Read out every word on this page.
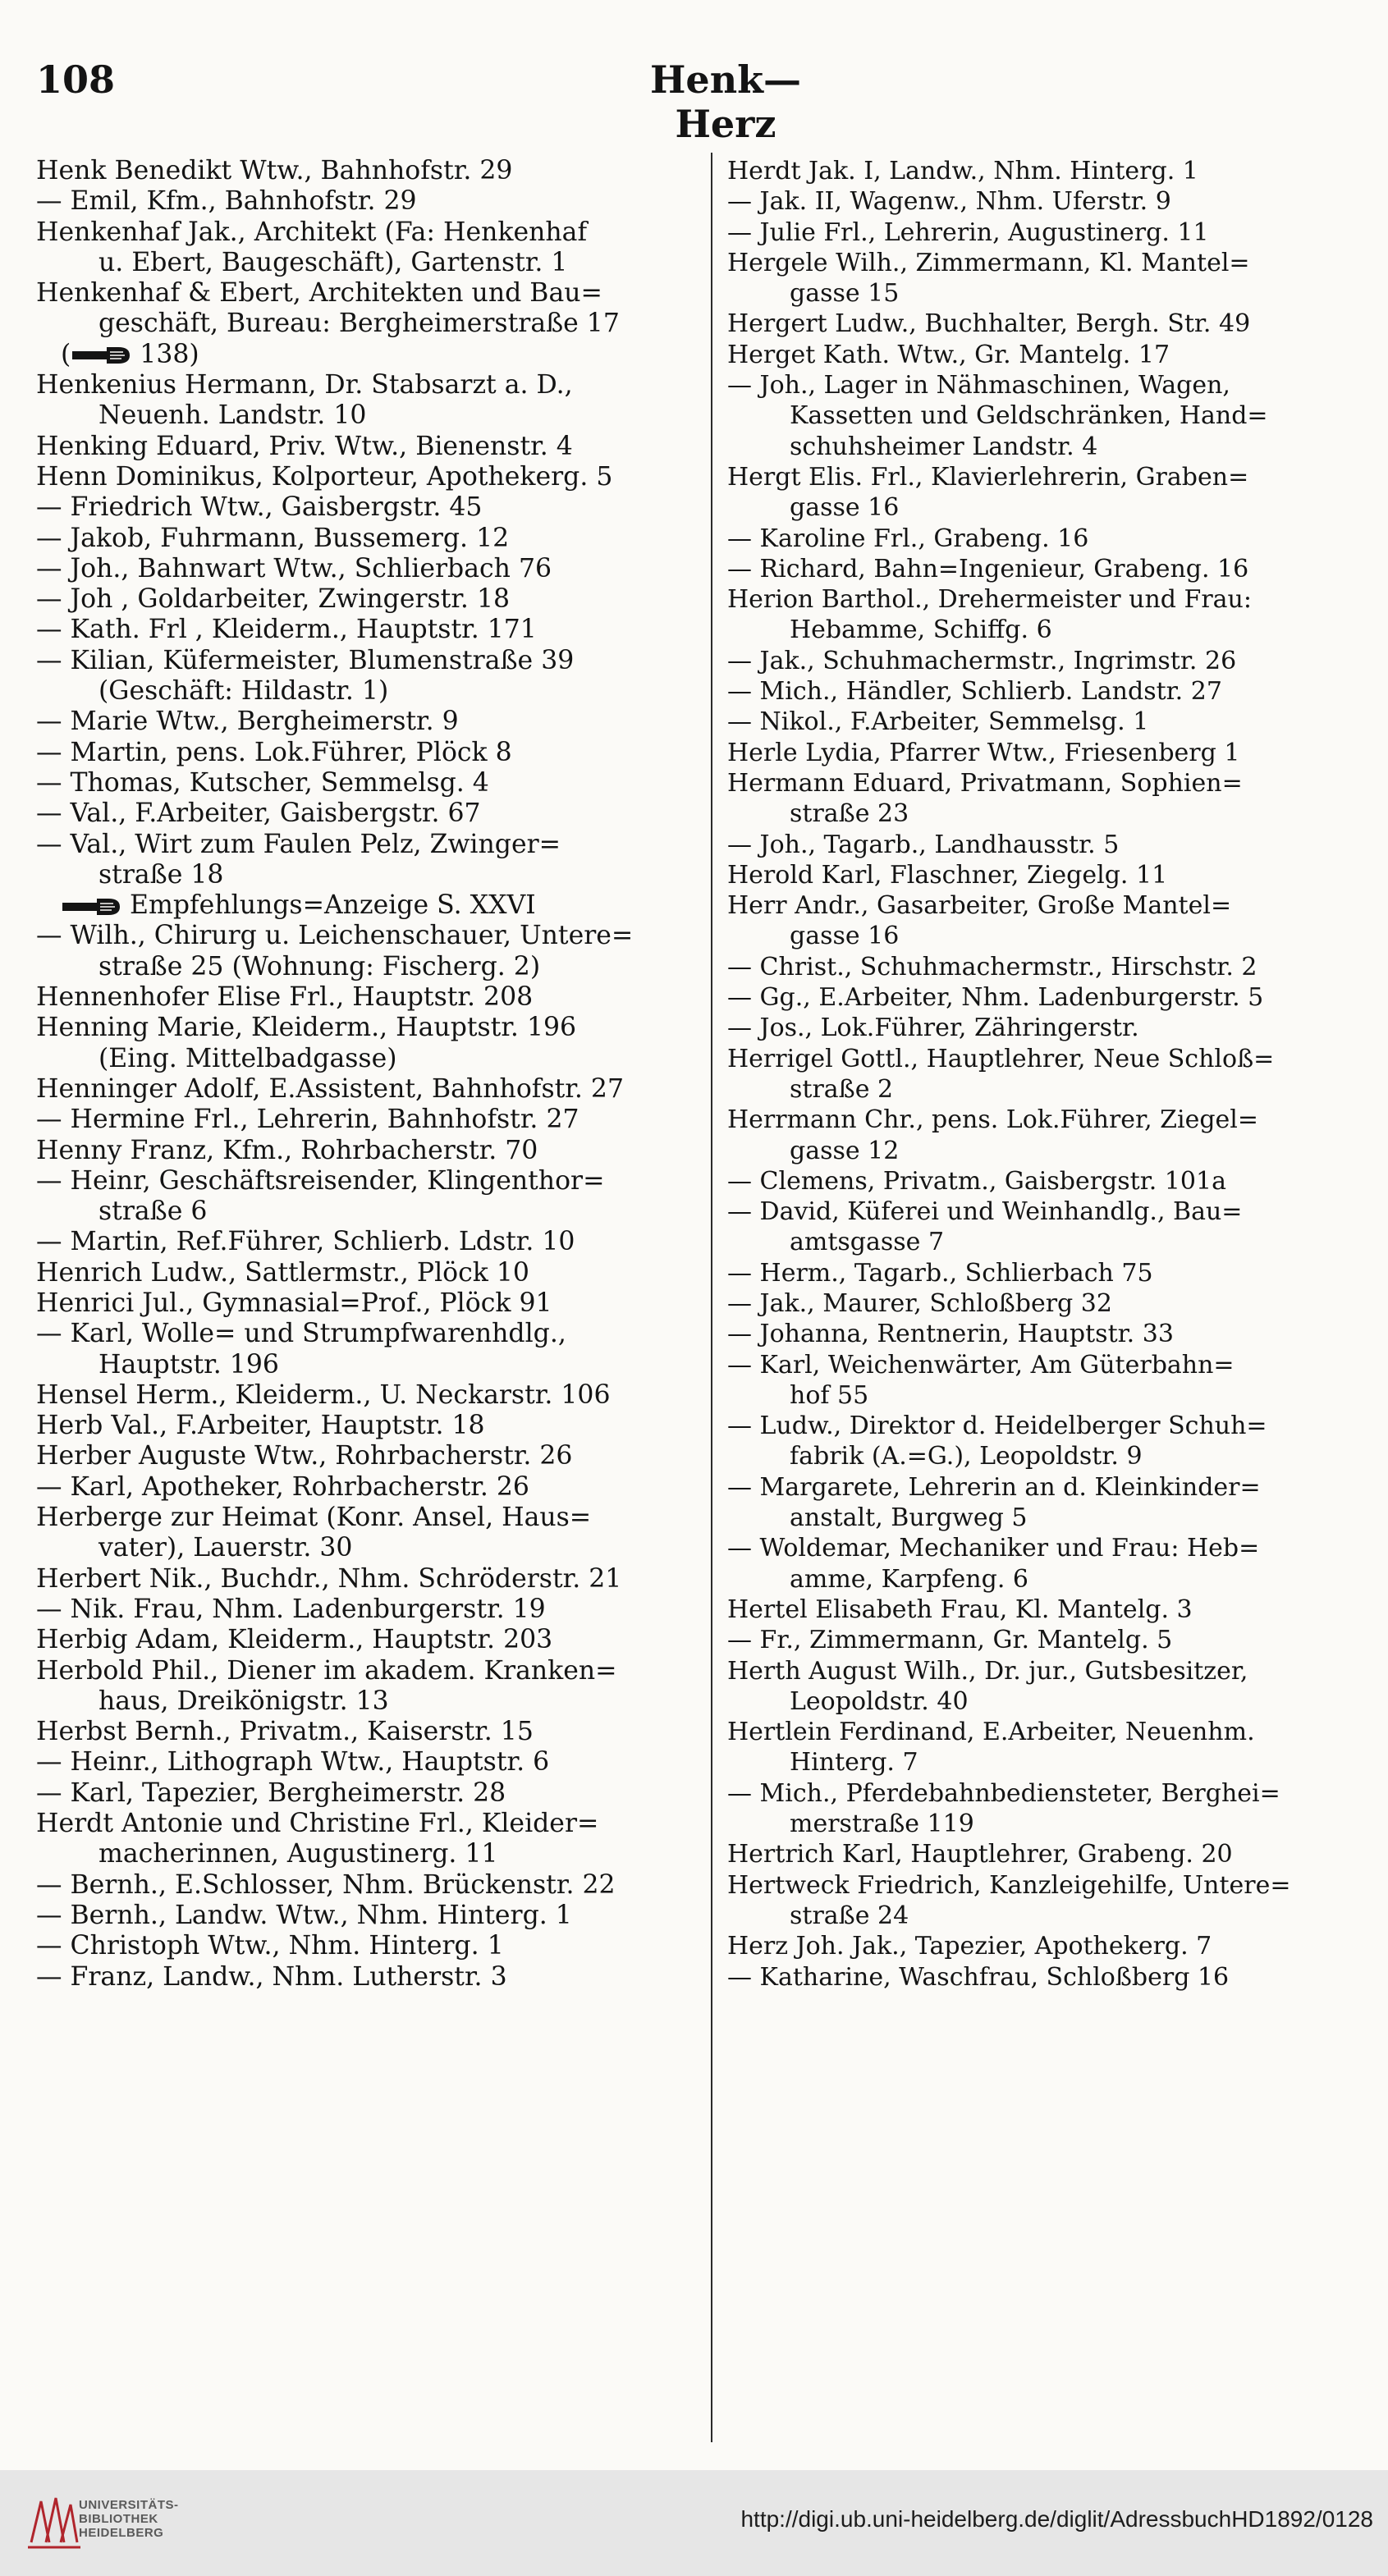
108	Henk—Herz
Henk Benedikt Wtw., Bahnhofstr. 29
— Emil, Kfm., Bahnhofstr. 29
Henkenhaf Jak., Architekt (Fa: Henkenhaf
u. Ebert, Baugeschäft), Gartenstr. 1
Henkenhaf & Ebert, Architekten und Bau=
geschäft, Bureau: Bergheimerstraße 17
(	138)
Henkenius Hermann, Dr. Stabsarzt a. D.,
Neuenh. Landstr. 10
Henking Eduard, Priv. Wtw., Bienenstr. 4
Henn Dominikus, Kolporteur, Apothekerg. 5
— Friedrich Wtw., Gaisbergstr. 45
— Jakob, Fuhrmann, Bussemerg. 12
— Joh., Bahnwart Wtw., Schlierbach 76
— Joh , Goldarbeiter, Zwingerstr. 18
— Kath. Frl , Kleiderm., Hauptstr. 171
— Kilian, Küfermeister, Blumenstraße 39
(Geschäft: Hildastr. 1)
— Marie Wtw., Bergheimerstr. 9
— Martin, pens. Lok.Führer, Plöck 8
— Thomas, Kutscher, Semmelsg. 4
— Val., F.Arbeiter, Gaisbergstr. 67
— Val., Wirt zum Faulen Pelz, Zwinger=
straße 18
Empfehlungs=Anzeige S. XXVI
— Wilh., Chirurg u. Leichenschauer, Untere=
straße 25 (Wohnung: Fischerg. 2)
Hennenhofer Elise Frl., Hauptstr. 208
Henning Marie, Kleiderm., Hauptstr. 196
(Eing. Mittelbadgasse)
Henninger Adolf, E.Assistent, Bahnhofstr. 27
— Hermine Frl., Lehrerin, Bahnhofstr. 27
Henny Franz, Kfm., Rohrbacherstr. 70
— Heinr, Geschäftsreisender, Klingenthor=
straße 6
— Martin, Ref.Führer, Schlierb. Ldstr. 10
Henrich Ludw., Sattlermstr., Plöck 10
Henrici Jul., Gymnasial=Prof., Plöck 91
— Karl, Wolle= und Strumpfwarenhdlg.,
Hauptstr. 196
Hensel Herm., Kleiderm., U. Neckarstr. 106
Herb Val., F.Arbeiter, Hauptstr. 18
Herber Auguste Wtw., Rohrbacherstr. 26
— Karl, Apotheker, Rohrbacherstr. 26
Herberge zur Heimat (Konr. Ansel, Haus=
vater), Lauerstr. 30
Herbert Nik., Buchdr., Nhm. Schröderstr. 21
— Nik. Frau, Nhm. Ladenburgerstr. 19
Herbig Adam, Kleiderm., Hauptstr. 203
Herbold Phil., Diener im akadem. Kranken=
haus, Dreikönigstr. 13
Herbst Bernh., Privatm., Kaiserstr. 15
— Heinr., Lithograph Wtw., Hauptstr. 6
— Karl, Tapezier, Bergheimerstr. 28
Herdt Antonie und Christine Frl., Kleider=
macherinnen, Augustinerg. 11
— Bernh., E.Schlosser, Nhm. Brückenstr. 22
— Bernh., Landw. Wtw., Nhm. Hinterg. 1
— Christoph Wtw., Nhm. Hinterg. 1
— Franz, Landw., Nhm. Lutherstr. 3
Herdt Jak. I, Landw., Nhm. Hinterg. 1
— Jak. II, Wagenw., Nhm. Uferstr. 9
— Julie Frl., Lehrerin, Augustinerg. 11
Hergele Wilh., Zimmermann, Kl. Mantel=
gasse 15
Hergert Ludw., Buchhalter, Bergh. Str. 49
Herget Kath. Wtw., Gr. Mantelg. 17
— Joh., Lager in Nähmaschinen, Wagen,
Kassetten und Geldschränken, Hand=
schuhsheimer Landstr. 4
Hergt Elis. Frl., Klavierlehrerin, Graben=
gasse 16
— Karoline Frl., Grabeng. 16
— Richard, Bahn=Ingenieur, Grabeng. 16
Herion Barthol., Drehermeister und Frau:
Hebamme, Schiffg. 6
— Jak., Schuhmachermstr., Ingrimstr. 26
— Mich., Händler, Schlierb. Landstr. 27
— Nikol., F.Arbeiter, Semmelsg. 1
Herle Lydia, Pfarrer Wtw., Friesenberg 1
Hermann Eduard, Privatmann, Sophien=
straße 23
— Joh., Tagarb., Landhausstr. 5
Herold Karl, Flaschner, Ziegelg. 11
Herr Andr., Gasarbeiter, Große Mantel=
gasse 16
— Christ., Schuhmachermstr., Hirschstr. 2
— Gg., E.Arbeiter, Nhm. Ladenburgerstr. 5
— Jos., Lok.Führer, Zähringerstr.
Herrigel Gottl., Hauptlehrer, Neue Schloß=
straße 2
Herrmann Chr., pens. Lok.Führer, Ziegel=
gasse 12
— Clemens, Privatm., Gaisbergstr. 101a
— David, Küferei und Weinhandlg., Bau=
amtsgasse 7
— Herm., Tagarb., Schlierbach 75
— Jak., Maurer, Schloßberg 32
— Johanna, Rentnerin, Hauptstr. 33
— Karl, Weichenwärter, Am Güterbahn=
hof 55
— Ludw., Direktor d. Heidelberger Schuh=
fabrik (A.=G.), Leopoldstr. 9
— Margarete, Lehrerin an d. Kleinkinder=
anstalt, Burgweg 5
— Woldemar, Mechaniker und Frau: Heb=
amme, Karpfeng. 6
Hertel Elisabeth Frau, Kl. Mantelg. 3
— Fr., Zimmermann, Gr. Mantelg. 5
Herth August Wilh., Dr. jur., Gutsbesitzer,
Leopoldstr. 40
Hertlein Ferdinand, E.Arbeiter, Neuenhm.
Hinterg. 7
— Mich., Pferdebahnbediensteter, Berghei=
merstraße 119
Hertrich Karl, Hauptlehrer, Grabeng. 20
Hertweck Friedrich, Kanzleigehilfe, Untere=
straße 24
Herz Joh. Jak., Tapezier, Apothekerg. 7
— Katharine, Waschfrau, Schloßberg 16
UNIVERSITÄTS-
BIBLIOTHEK
HEIDELBERG
http://digi.ub.uni-heidelberg.de/diglit/AdressbuchHD1892/0128
